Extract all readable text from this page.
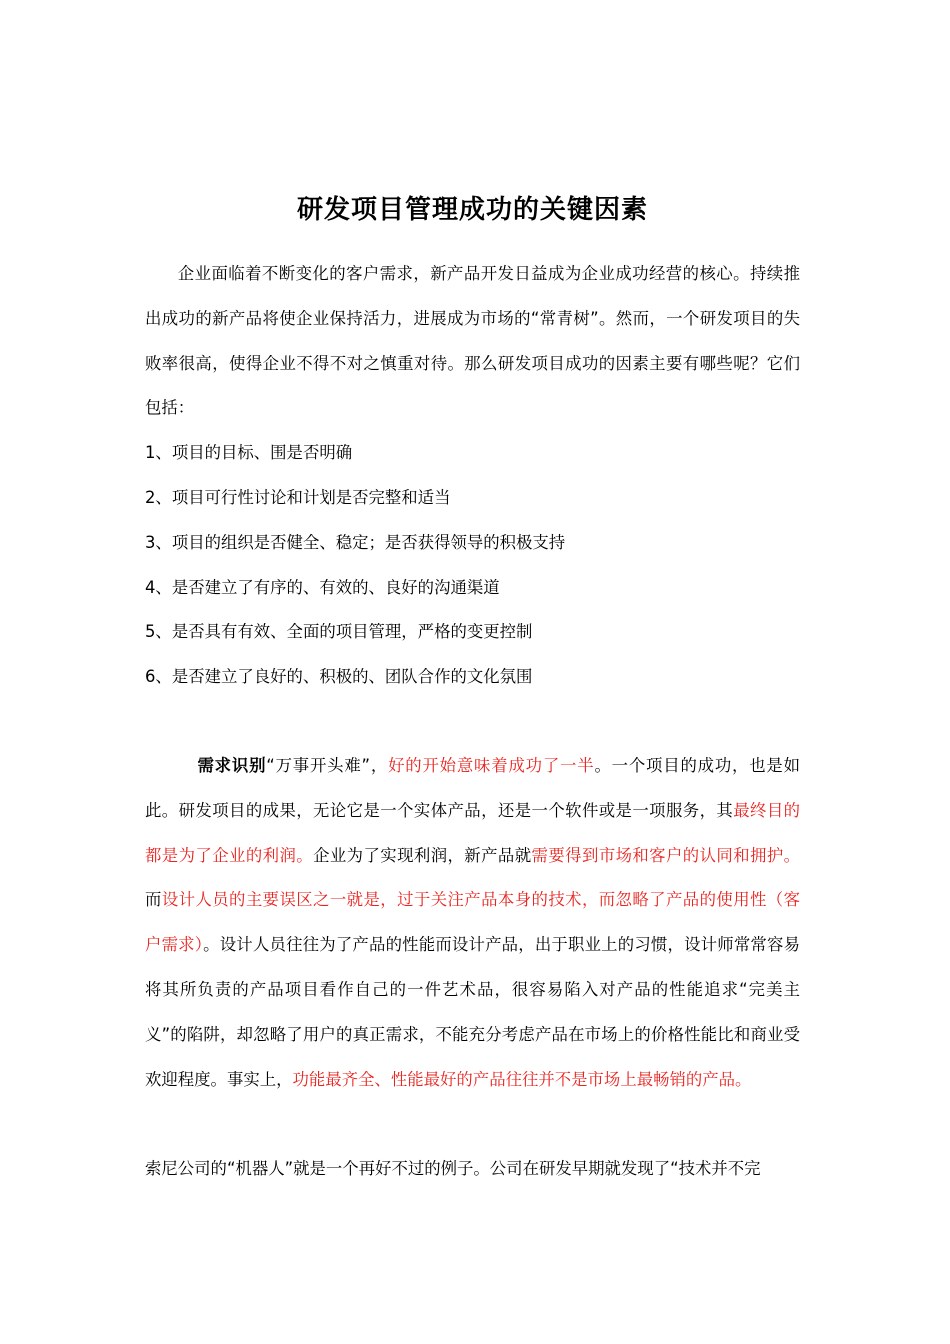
研发项目管理成功的关键因素

企业面临着不断变化的客户需求，新产品开发日益成为企业成功经营的核心。持续推出成功的新产品将使企业保持活力，进展成为市场的“常青树”。然而，一个研发项目的失败率很高，使得企业不得不对之慎重对待。那么研发项目成功的因素主要有哪些呢？它们包括：

1、项目的目标、围是否明确

2、项目可行性讨论和计划是否完整和适当

3、项目的组织是否健全、稳定；是否获得领导的积极支持

4、是否建立了有序的、有效的、良好的沟通渠道

5、是否具有有效、全面的项目管理，严格的变更控制

6、是否建立了良好的、积极的、团队合作的文化氛围

需求识别“万事开头难”，好的开始意味着成功了一半。一个项目的成功，也是如此。研发项目的成果，无论它是一个实体产品，还是一个软件或是一项服务，其最终目的都是为了企业的利润。企业为了实现利润，新产品就需要得到市场和客户的认同和拥护。而设计人员的主要误区之一就是，过于关注产品本身的技术，而忽略了产品的使用性（客户需求）。设计人员往往为了产品的性能而设计产品，出于职业上的习惯，设计师常常容易将其所负责的产品项目看作自己的一件艺术品，很容易陷入对产品的性能追求“完美主义”的陷阱，却忽略了用户的真正需求，不能充分考虑产品在市场上的价格性能比和商业受欢迎程度。事实上，功能最齐全、性能最好的产品往往并不是市场上最畅销的产品。

索尼公司的“机器人”就是一个再好不过的例子。公司在研发早期就发现了“技术并不完
